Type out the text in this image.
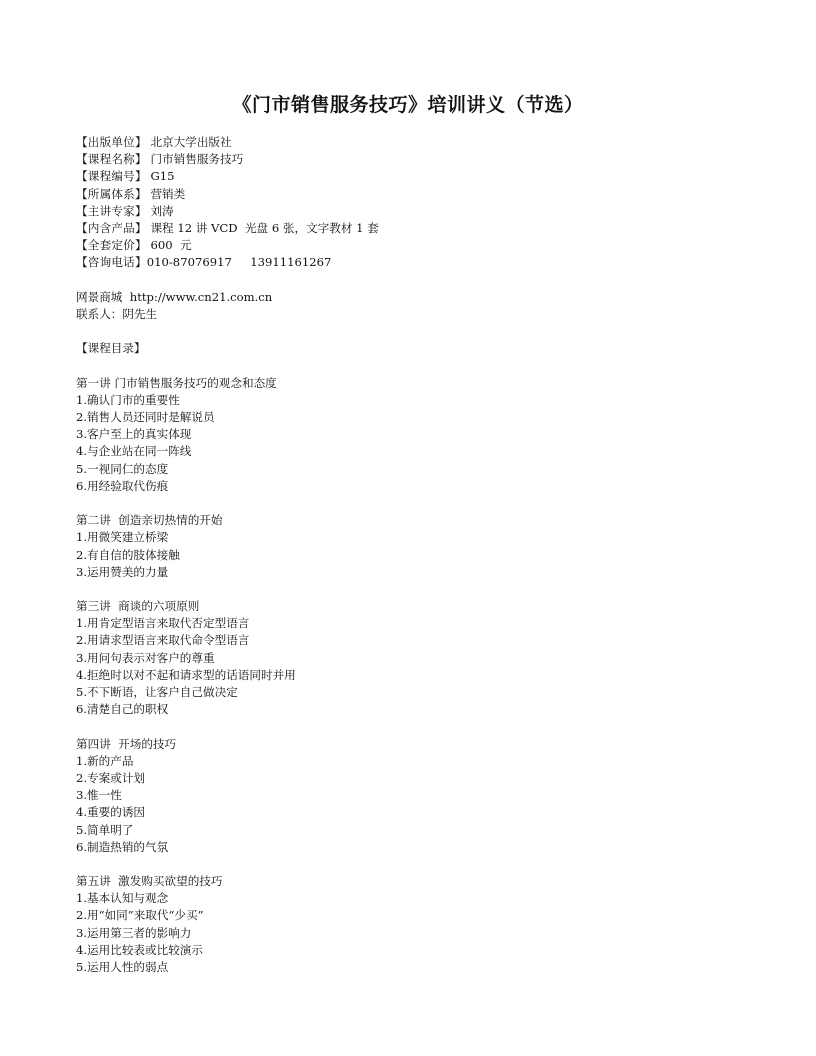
《门市销售服务技巧》培训讲义（节选）
【出版单位】 北京大学出版社
【课程名称】 门市销售服务技巧
【课程编号】 G15
【所属体系】 营销类
【主讲专家】 刘涛
【内含产品】 课程 12 讲 VCD  光盘 6 张，文字教材 1 套
【全套定价】 600  元
【咨询电话】010-87076917     13911161267
网景商城  http://www.cn21.com.cn
联系人：阴先生
【课程目录】
第一讲 门市销售服务技巧的观念和态度
1.确认门市的重要性
2.销售人员还同时是解说员
3.客户至上的真实体现
4.与企业站在同一阵线
5.一视同仁的态度
6.用经验取代伤痕
第二讲  创造亲切热情的开始
1.用微笑建立桥梁
2.有自信的肢体接触
3.运用赞美的力量
第三讲  商谈的六项原则
1.用肯定型语言来取代否定型语言
2.用请求型语言来取代命令型语言
3.用问句表示对客户的尊重
4.拒绝时以对不起和请求型的话语同时并用
5.不下断语，让客户自己做决定
6.清楚自己的职权
第四讲  开场的技巧
1.新的产品
2.专案或计划
3.惟一性
4.重要的诱因
5.简单明了
6.制造热销的气氛
第五讲  激发购买欲望的技巧
1.基本认知与观念
2.用“如同”来取代“少买”
3.运用第三者的影响力
4.运用比较表或比较演示
5.运用人性的弱点
